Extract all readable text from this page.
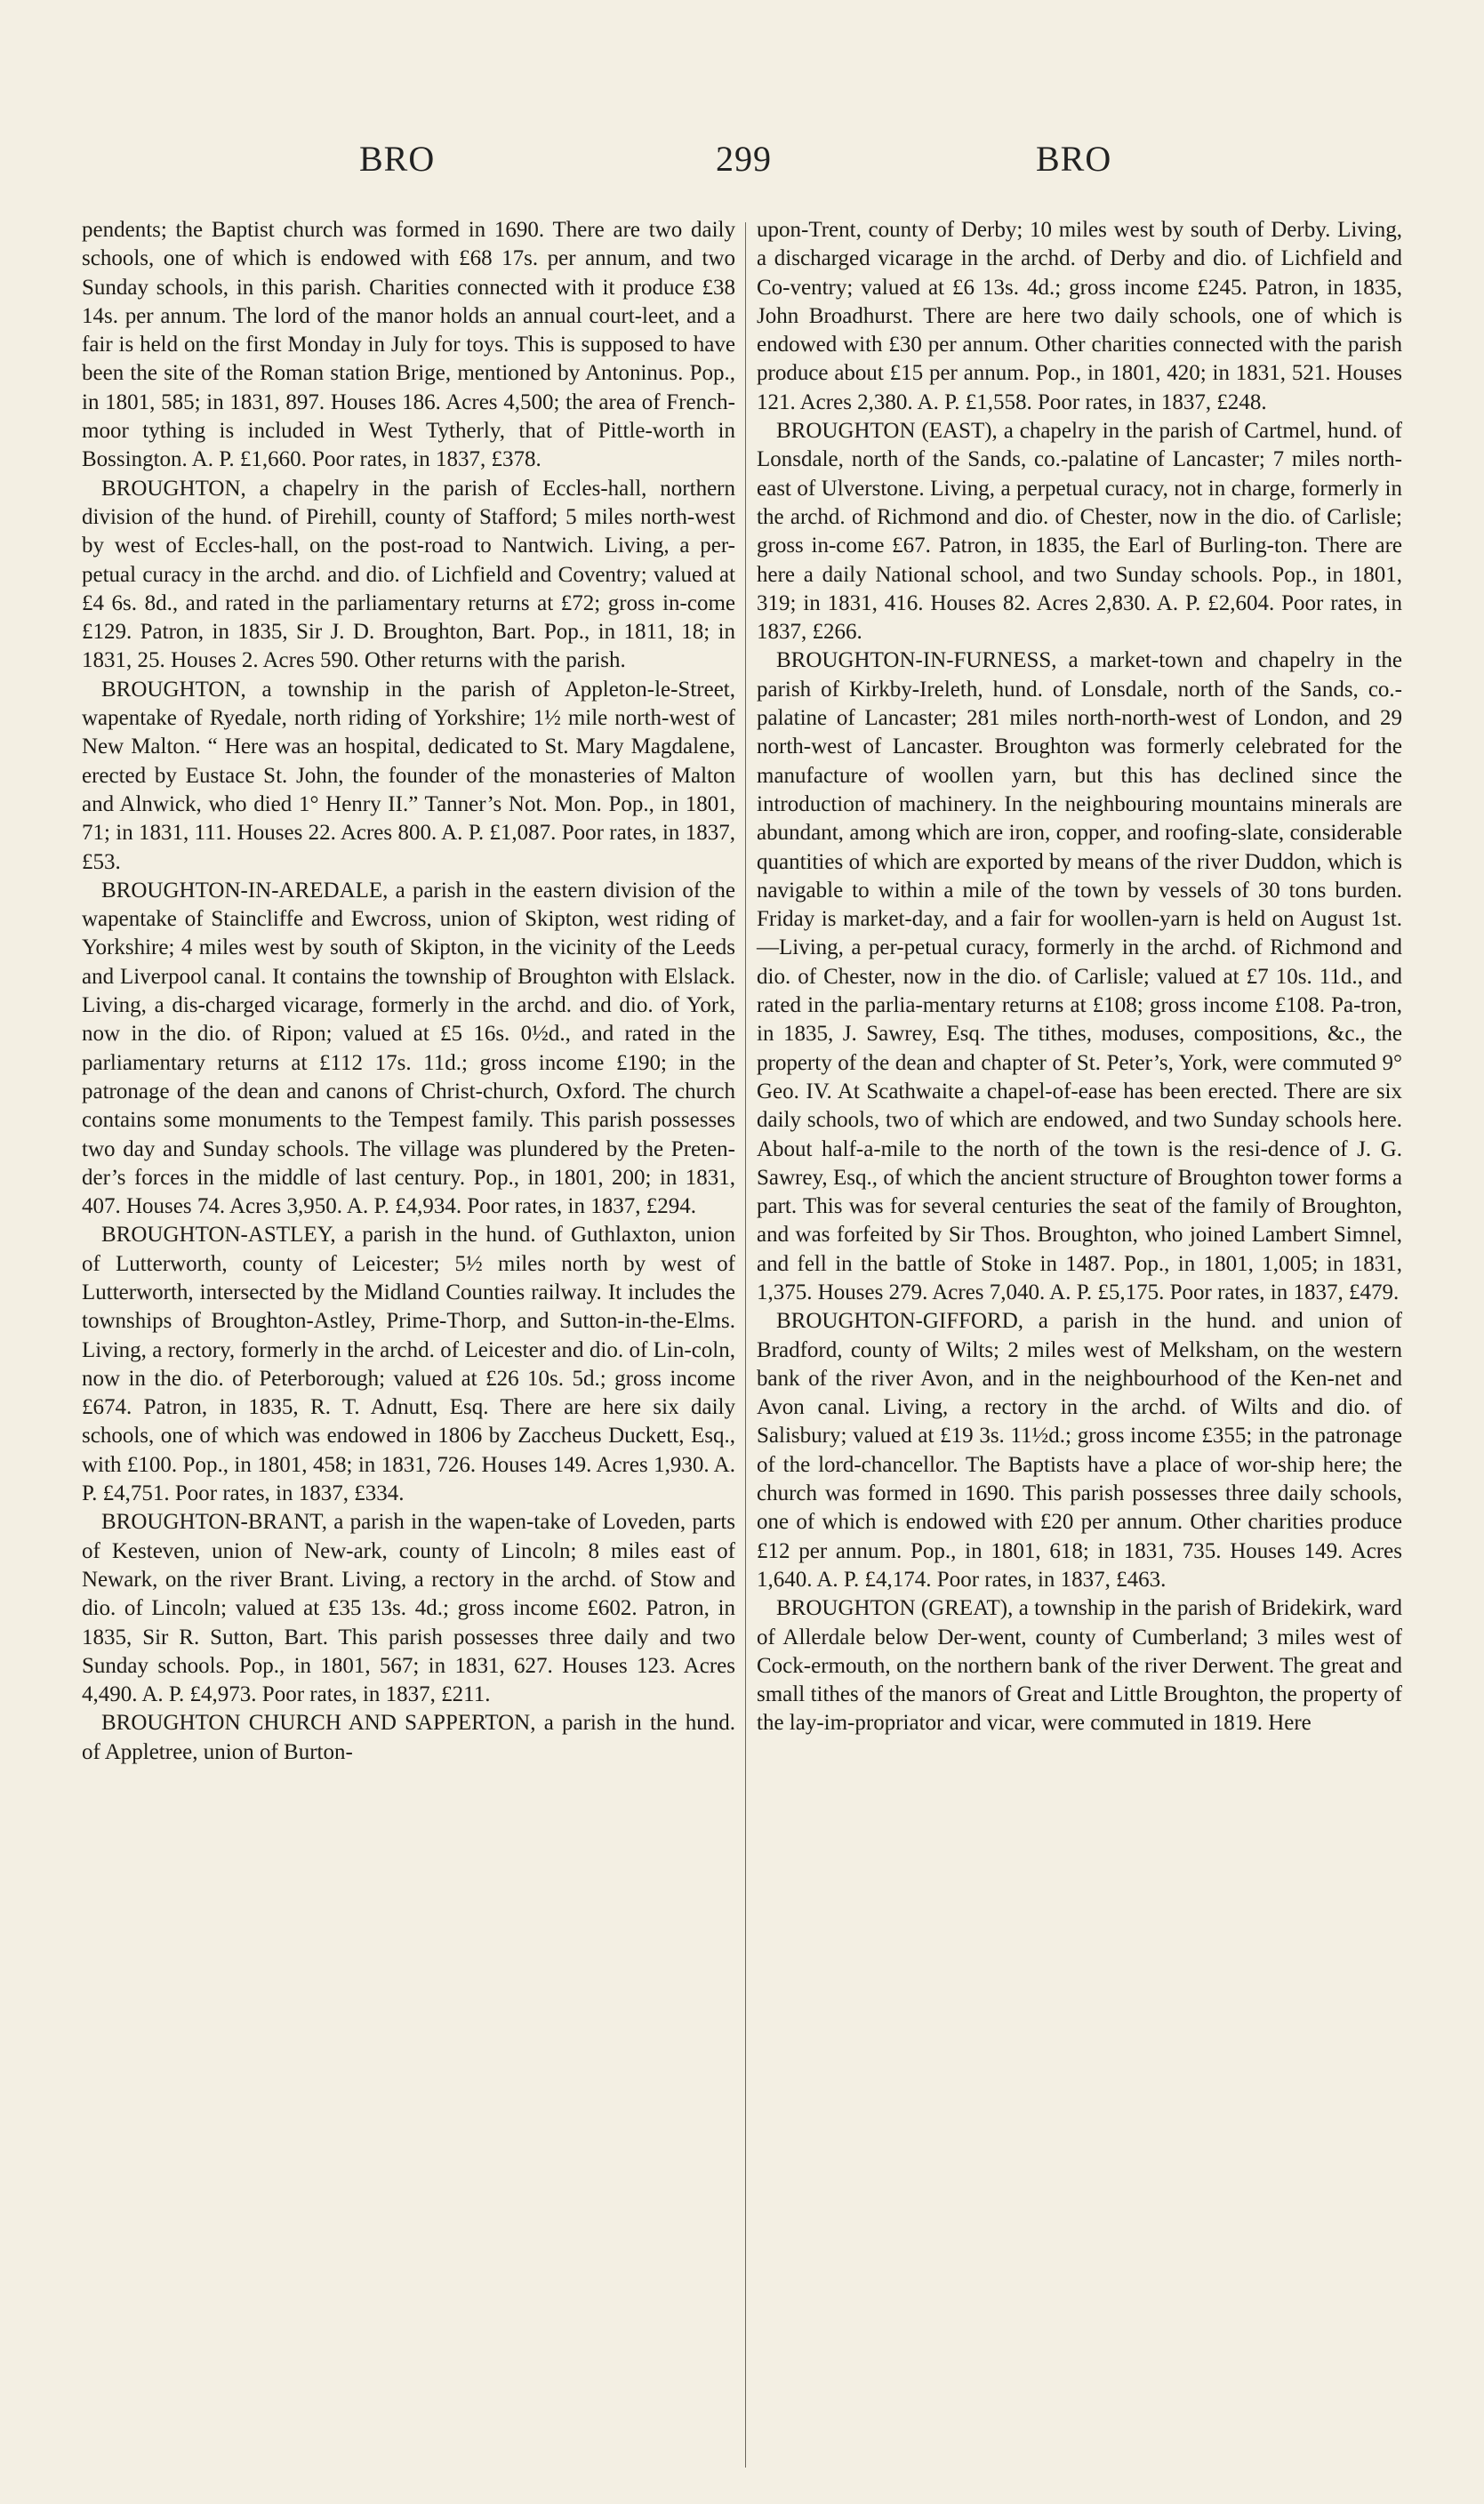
BRO	299	BRO

pendents; the Baptist church was formed in 1690. There are two daily schools, one of which is endowed with £68 17s. per annum, and two Sunday schools, in this parish. Charities connected with it produce £38 14s. per annum. The lord of the manor holds an annual court-leet, and a fair is held on the first Monday in July for toys. This is supposed to have been the site of the Roman station Brige, mentioned by Antoninus. Pop., in 1801, 585; in 1831, 897. Houses 186. Acres 4,500; the area of French-moor tything is included in West Tytherly, that of Pittle-worth in Bossington. A. P. £1,660. Poor rates, in 1837, £378.

BROUGHTON, a chapelry in the parish of Eccles-hall, northern division of the hund. of Pirehill, county of Stafford; 5 miles north-west by west of Eccles-hall, on the post-road to Nantwich. Living, a per-petual curacy in the archd. and dio. of Lichfield and Coventry; valued at £4 6s. 8d., and rated in the parliamentary returns at £72; gross in-come £129. Patron, in 1835, Sir J. D. Broughton, Bart. Pop., in 1811, 18; in 1831, 25. Houses 2. Acres 590. Other returns with the parish.

BROUGHTON, a township in the parish of Appleton-le-Street, wapentake of Ryedale, north riding of Yorkshire; 1½ mile north-west of New Malton. “ Here was an hospital, dedicated to St. Mary Magdalene, erected by Eustace St. John, the founder of the monasteries of Malton and Alnwick, who died 1° Henry II.” Tanner’s Not. Mon. Pop., in 1801, 71; in 1831, 111. Houses 22. Acres 800. A. P. £1,087. Poor rates, in 1837, £53.

BROUGHTON-IN-AREDALE, a parish in the eastern division of the wapentake of Staincliffe and Ewcross, union of Skipton, west riding of Yorkshire; 4 miles west by south of Skipton, in the vicinity of the Leeds and Liverpool canal. It contains the township of Broughton with Elslack. Living, a dis-charged vicarage, formerly in the archd. and dio. of York, now in the dio. of Ripon; valued at £5 16s. 0½d., and rated in the parliamentary returns at £112 17s. 11d.; gross income £190; in the patronage of the dean and canons of Christ-church, Oxford. The church contains some monuments to the Tempest family. This parish possesses two day and Sunday schools. The village was plundered by the Preten-der’s forces in the middle of last century. Pop., in 1801, 200; in 1831, 407. Houses 74. Acres 3,950. A. P. £4,934. Poor rates, in 1837, £294.

BROUGHTON-ASTLEY, a parish in the hund. of Guthlaxton, union of Lutterworth, county of Leicester; 5½ miles north by west of Lutterworth, intersected by the Midland Counties railway. It includes the townships of Broughton-Astley, Prime-Thorp, and Sutton-in-the-Elms. Living, a rectory, formerly in the archd. of Leicester and dio. of Lin-coln, now in the dio. of Peterborough; valued at £26 10s. 5d.; gross income £674. Patron, in 1835, R. T. Adnutt, Esq. There are here six daily schools, one of which was endowed in 1806 by Zaccheus Duckett, Esq., with £100. Pop., in 1801, 458; in 1831, 726. Houses 149. Acres 1,930. A. P. £4,751. Poor rates, in 1837, £334.

BROUGHTON-BRANT, a parish in the wapen-take of Loveden, parts of Kesteven, union of New-ark, county of Lincoln; 8 miles east of Newark, on the river Brant. Living, a rectory in the archd. of Stow and dio. of Lincoln; valued at £35 13s. 4d.; gross income £602. Patron, in 1835, Sir R. Sutton, Bart. This parish possesses three daily and two Sunday schools. Pop., in 1801, 567; in 1831, 627. Houses 123. Acres 4,490. A. P. £4,973. Poor rates, in 1837, £211.

BROUGHTON CHURCH AND SAPPERTON, a parish in the hund. of Appletree, union of Burton-

upon-Trent, county of Derby; 10 miles west by south of Derby. Living, a discharged vicarage in the archd. of Derby and dio. of Lichfield and Co-ventry; valued at £6 13s. 4d.; gross income £245. Patron, in 1835, John Broadhurst. There are here two daily schools, one of which is endowed with £30 per annum. Other charities connected with the parish produce about £15 per annum. Pop., in 1801, 420; in 1831, 521. Houses 121. Acres 2,380. A. P. £1,558. Poor rates, in 1837, £248.

BROUGHTON (EAST), a chapelry in the parish of Cartmel, hund. of Lonsdale, north of the Sands, co.-palatine of Lancaster; 7 miles north-east of Ulverstone. Living, a perpetual curacy, not in charge, formerly in the archd. of Richmond and dio. of Chester, now in the dio. of Carlisle; gross in-come £67. Patron, in 1835, the Earl of Burling-ton. There are here a daily National school, and two Sunday schools. Pop., in 1801, 319; in 1831, 416. Houses 82. Acres 2,830. A. P. £2,604. Poor rates, in 1837, £266.

BROUGHTON-IN-FURNESS, a market-town and chapelry in the parish of Kirkby-Ireleth, hund. of Lonsdale, north of the Sands, co.-palatine of Lancaster; 281 miles north-north-west of London, and 29 north-west of Lancaster. Broughton was formerly celebrated for the manufacture of woollen yarn, but this has declined since the introduction of machinery. In the neighbouring mountains minerals are abundant, among which are iron, copper, and roofing-slate, considerable quantities of which are exported by means of the river Duddon, which is navigable to within a mile of the town by vessels of 30 tons burden. Friday is market-day, and a fair for woollen-yarn is held on August 1st.—Living, a per-petual curacy, formerly in the archd. of Richmond and dio. of Chester, now in the dio. of Carlisle; valued at £7 10s. 11d., and rated in the parlia-mentary returns at £108; gross income £108. Pa-tron, in 1835, J. Sawrey, Esq. The tithes, moduses, compositions, &c., the property of the dean and chapter of St. Peter’s, York, were commuted 9° Geo. IV. At Scathwaite a chapel-of-ease has been erected. There are six daily schools, two of which are endowed, and two Sunday schools here. About half-a-mile to the north of the town is the resi-dence of J. G. Sawrey, Esq., of which the ancient structure of Broughton tower forms a part. This was for several centuries the seat of the family of Broughton, and was forfeited by Sir Thos. Broughton, who joined Lambert Simnel, and fell in the battle of Stoke in 1487. Pop., in 1801, 1,005; in 1831, 1,375. Houses 279. Acres 7,040. A. P. £5,175. Poor rates, in 1837, £479.

BROUGHTON-GIFFORD, a parish in the hund. and union of Bradford, county of Wilts; 2 miles west of Melksham, on the western bank of the river Avon, and in the neighbourhood of the Ken-net and Avon canal. Living, a rectory in the archd. of Wilts and dio. of Salisbury; valued at £19 3s. 11½d.; gross income £355; in the patronage of the lord-chancellor. The Baptists have a place of wor-ship here; the church was formed in 1690. This parish possesses three daily schools, one of which is endowed with £20 per annum. Other charities produce £12 per annum. Pop., in 1801, 618; in 1831, 735. Houses 149. Acres 1,640. A. P. £4,174. Poor rates, in 1837, £463.

BROUGHTON (GREAT), a township in the parish of Bridekirk, ward of Allerdale below Der-went, county of Cumberland; 3 miles west of Cock-ermouth, on the northern bank of the river Derwent. The great and small tithes of the manors of Great and Little Broughton, the property of the lay-im-propriator and vicar, were commuted in 1819. Here
